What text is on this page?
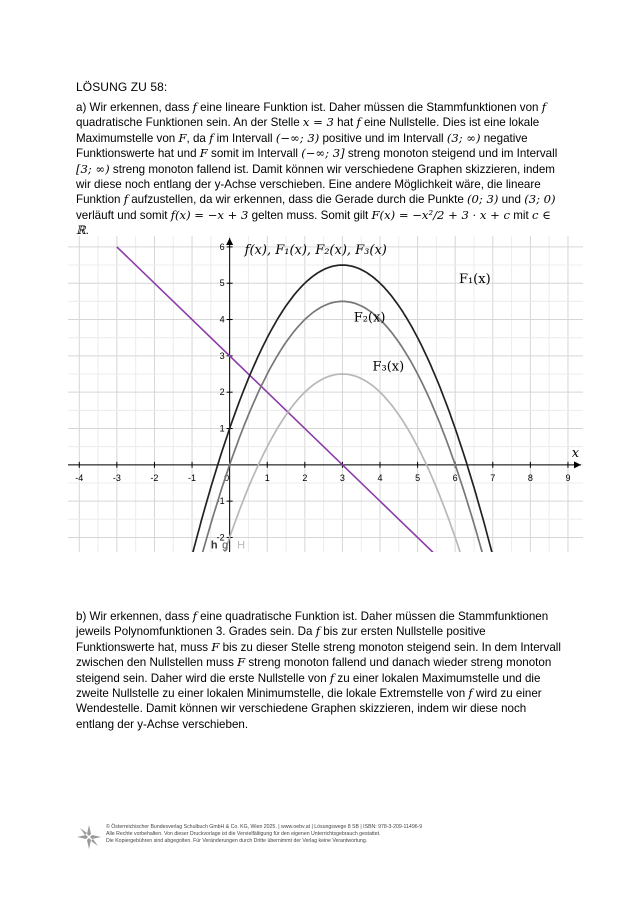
LÖSUNG ZU 58:

a) Wir erkennen, dass f eine lineare Funktion ist. Daher müssen die Stammfunktionen von f quadratische Funktionen sein. An der Stelle x = 3 hat f eine Nullstelle. Dies ist eine lokale Maximumstelle von F, da f im Intervall (−∞; 3) positive und im Intervall (3; ∞) negative Funktionswerte hat und F somit im Intervall (−∞; 3] streng monoton steigend und im Intervall [3; ∞) streng monoton fallend ist. Damit können wir verschiedene Graphen skizzieren, indem wir diese noch entlang der y-Achse verschieben. Eine andere Möglichkeit wäre, die lineare Funktion f aufzustellen, da wir erkennen, dass die Gerade durch die Punkte (0; 3) und (3; 0) verläuft und somit f(x) = −x + 3 gelten muss. Somit gilt F(x) = −x²/2 + 3 · x + c mit c ∈ ℝ.

-4	-3	-2	-1	0	1	2	3	4	5	6	7	8	9
-2
-1
1
2
3
4
5
6
x
F₁(x)
F₂(x)
F₃(x)
f(x), F₁(x), F₂(x), F₃(x)
h g H

b) Wir erkennen, dass f eine quadratische Funktion ist. Daher müssen die Stammfunktionen jeweils Polynomfunktionen 3. Grades sein. Da f bis zur ersten Nullstelle positive Funktionswerte hat, muss F bis zu dieser Stelle streng monoton steigend sein. In dem Intervall zwischen den Nullstellen muss F streng monoton fallend und danach wieder streng monoton steigend sein. Daher wird die erste Nullstelle von f zu einer lokalen Maximumstelle und die zweite Nullstelle zu einer lokalen Minimumstelle, die lokale Extremstelle von f wird zu einer Wendestelle. Damit können wir verschiedene Graphen skizzieren, indem wir diese noch entlang der y-Achse verschieben.

© Österreichischer Bundesverlag Schulbuch GmbH & Co. KG, Wien 2025. | www.oebv.at | Lösungswege 8 SB | ISBN: 978-3-209-11496-9
Alle Rechte vorbehalten. Von dieser Druckvorlage ist die Vervielfältigung für den eigenen Unterrichtsgebrauch gestattet.
Die Kopiergebühren sind abgegolten. Für Veränderungen durch Dritte übernimmt der Verlag keine Verantwortung.
